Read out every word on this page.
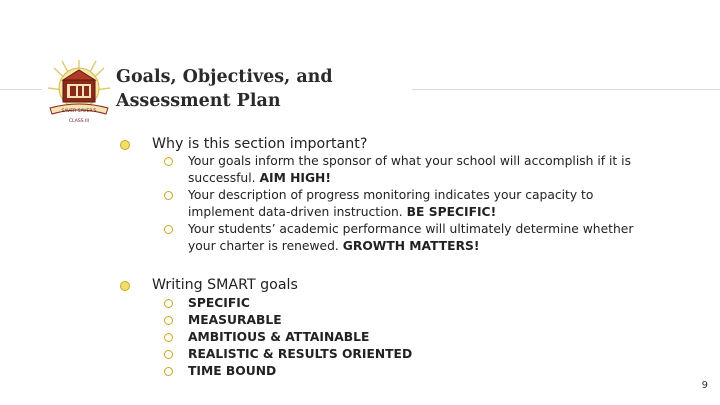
SAVER SAVER'S
CLASS III
Goals, Objectives, and
Assessment Plan
Why is this section important?
Your goals inform the sponsor of what your school will accomplish if it is
successful. AIM HIGH!
Your description of progress monitoring indicates your capacity to
implement data-driven instruction. BE SPECIFIC!
Your students’ academic performance will ultimately determine whether
your charter is renewed. GROWTH MATTERS!
Writing SMART goals
SPECIFIC
MEASURABLE
AMBITIOUS & ATTAINABLE
REALISTIC & RESULTS ORIENTED
TIME BOUND
9
